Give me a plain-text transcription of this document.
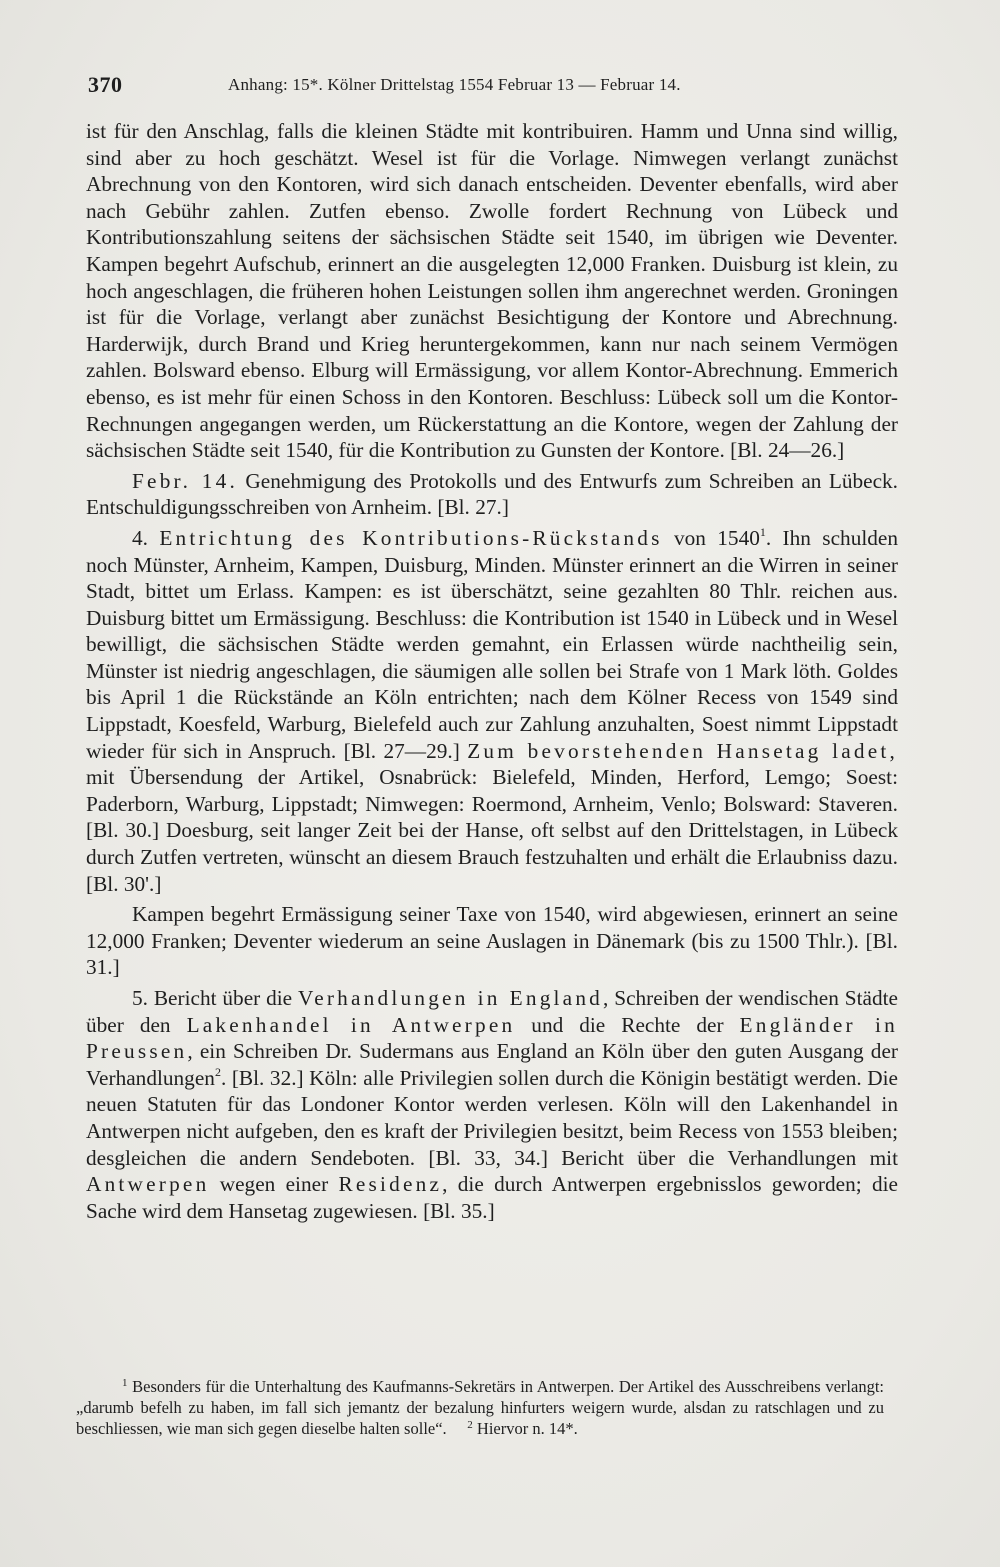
370	Anhang: 15*. Kölner Drittelstag 1554 Februar 13 — Februar 14.

ist für den Anschlag, falls die kleinen Städte mit kontribuiren. Hamm und Unna sind willig, sind aber zu hoch geschätzt. Wesel ist für die Vorlage. Nimwegen verlangt zunächst Abrechnung von den Kontoren, wird sich danach entscheiden. Deventer ebenfalls, wird aber nach Gebühr zahlen. Zutfen ebenso. Zwolle fordert Rechnung von Lübeck und Kontributionszahlung seitens der sächsischen Städte seit 1540, im übrigen wie Deventer. Kampen begehrt Aufschub, erinnert an die ausgelegten 12,000 Franken. Duisburg ist klein, zu hoch angeschlagen, die früheren hohen Leistungen sollen ihm angerechnet werden. Groningen ist für die Vorlage, verlangt aber zunächst Besichtigung der Kontore und Abrechnung. Harderwijk, durch Brand und Krieg heruntergekommen, kann nur nach seinem Vermögen zahlen. Bolsward ebenso. Elburg will Ermässigung, vor allem Kontor-Abrechnung. Emmerich ebenso, es ist mehr für einen Schoss in den Kontoren. Beschluss: Lübeck soll um die Kontor-Rechnungen angegangen werden, um Rückerstattung an die Kontore, wegen der Zahlung der sächsischen Städte seit 1540, für die Kontribution zu Gunsten der Kontore. [Bl. 24—26.]

Febr. 14. Genehmigung des Protokolls und des Entwurfs zum Schreiben an Lübeck. Entschuldigungsschreiben von Arnheim. [Bl. 27.]

4. Entrichtung des Kontributions-Rückstands von 1540$^1$. Ihn schulden noch Münster, Arnheim, Kampen, Duisburg, Minden. Münster erinnert an die Wirren in seiner Stadt, bittet um Erlass. Kampen: es ist überschätzt, seine gezahlten 80 Thlr. reichen aus. Duisburg bittet um Ermässigung. Beschluss: die Kontribution ist 1540 in Lübeck und in Wesel bewilligt, die sächsischen Städte werden gemahnt, ein Erlassen würde nachtheilig sein, Münster ist niedrig angeschlagen, die säumigen alle sollen bei Strafe von 1 Mark löth. Goldes bis April 1 die Rückstände an Köln entrichten; nach dem Kölner Recess von 1549 sind Lippstadt, Koesfeld, Warburg, Bielefeld auch zur Zahlung anzuhalten, Soest nimmt Lippstadt wieder für sich in Anspruch. [Bl. 27—29.] Zum bevorstehenden Hansetag ladet, mit Übersendung der Artikel, Osnabrück: Bielefeld, Minden, Herford, Lemgo; Soest: Paderborn, Warburg, Lippstadt; Nimwegen: Roermond, Arnheim, Venlo; Bolsward: Staveren. [Bl. 30.] Doesburg, seit langer Zeit bei der Hanse, oft selbst auf den Drittelstagen, in Lübeck durch Zutfen vertreten, wünscht an diesem Brauch festzuhalten und erhält die Erlaubniss dazu. [Bl. 30'.]

Kampen begehrt Ermässigung seiner Taxe von 1540, wird abgewiesen, erinnert an seine 12,000 Franken; Deventer wiederum an seine Auslagen in Dänemark (bis zu 1500 Thlr.). [Bl. 31.]

5. Bericht über die Verhandlungen in England, Schreiben der wendischen Städte über den Lakenhandel in Antwerpen und die Rechte der Engländer in Preussen, ein Schreiben Dr. Sudermans aus England an Köln über den guten Ausgang der Verhandlungen$^2$. [Bl. 32.] Köln: alle Privilegien sollen durch die Königin bestätigt werden. Die neuen Statuten für das Londoner Kontor werden verlesen. Köln will den Lakenhandel in Antwerpen nicht aufgeben, den es kraft der Privilegien besitzt, beim Recess von 1553 bleiben; desgleichen die andern Sendeboten. [Bl. 33, 34.] Bericht über die Verhandlungen mit Antwerpen wegen einer Residenz, die durch Antwerpen ergebnisslos geworden; die Sache wird dem Hansetag zugewiesen. [Bl. 35.]

$^1$ Besonders für die Unterhaltung des Kaufmanns-Sekretärs in Antwerpen. Der Artikel des Ausschreibens verlangt: „darumb befelh zu haben, im fall sich jemantz der bezalung hinfurters weigern wurde, alsdan zu ratschlagen und zu beschliessen, wie man sich gegen dieselbe halten solle“. $^2$ Hiervor n. 14*.
